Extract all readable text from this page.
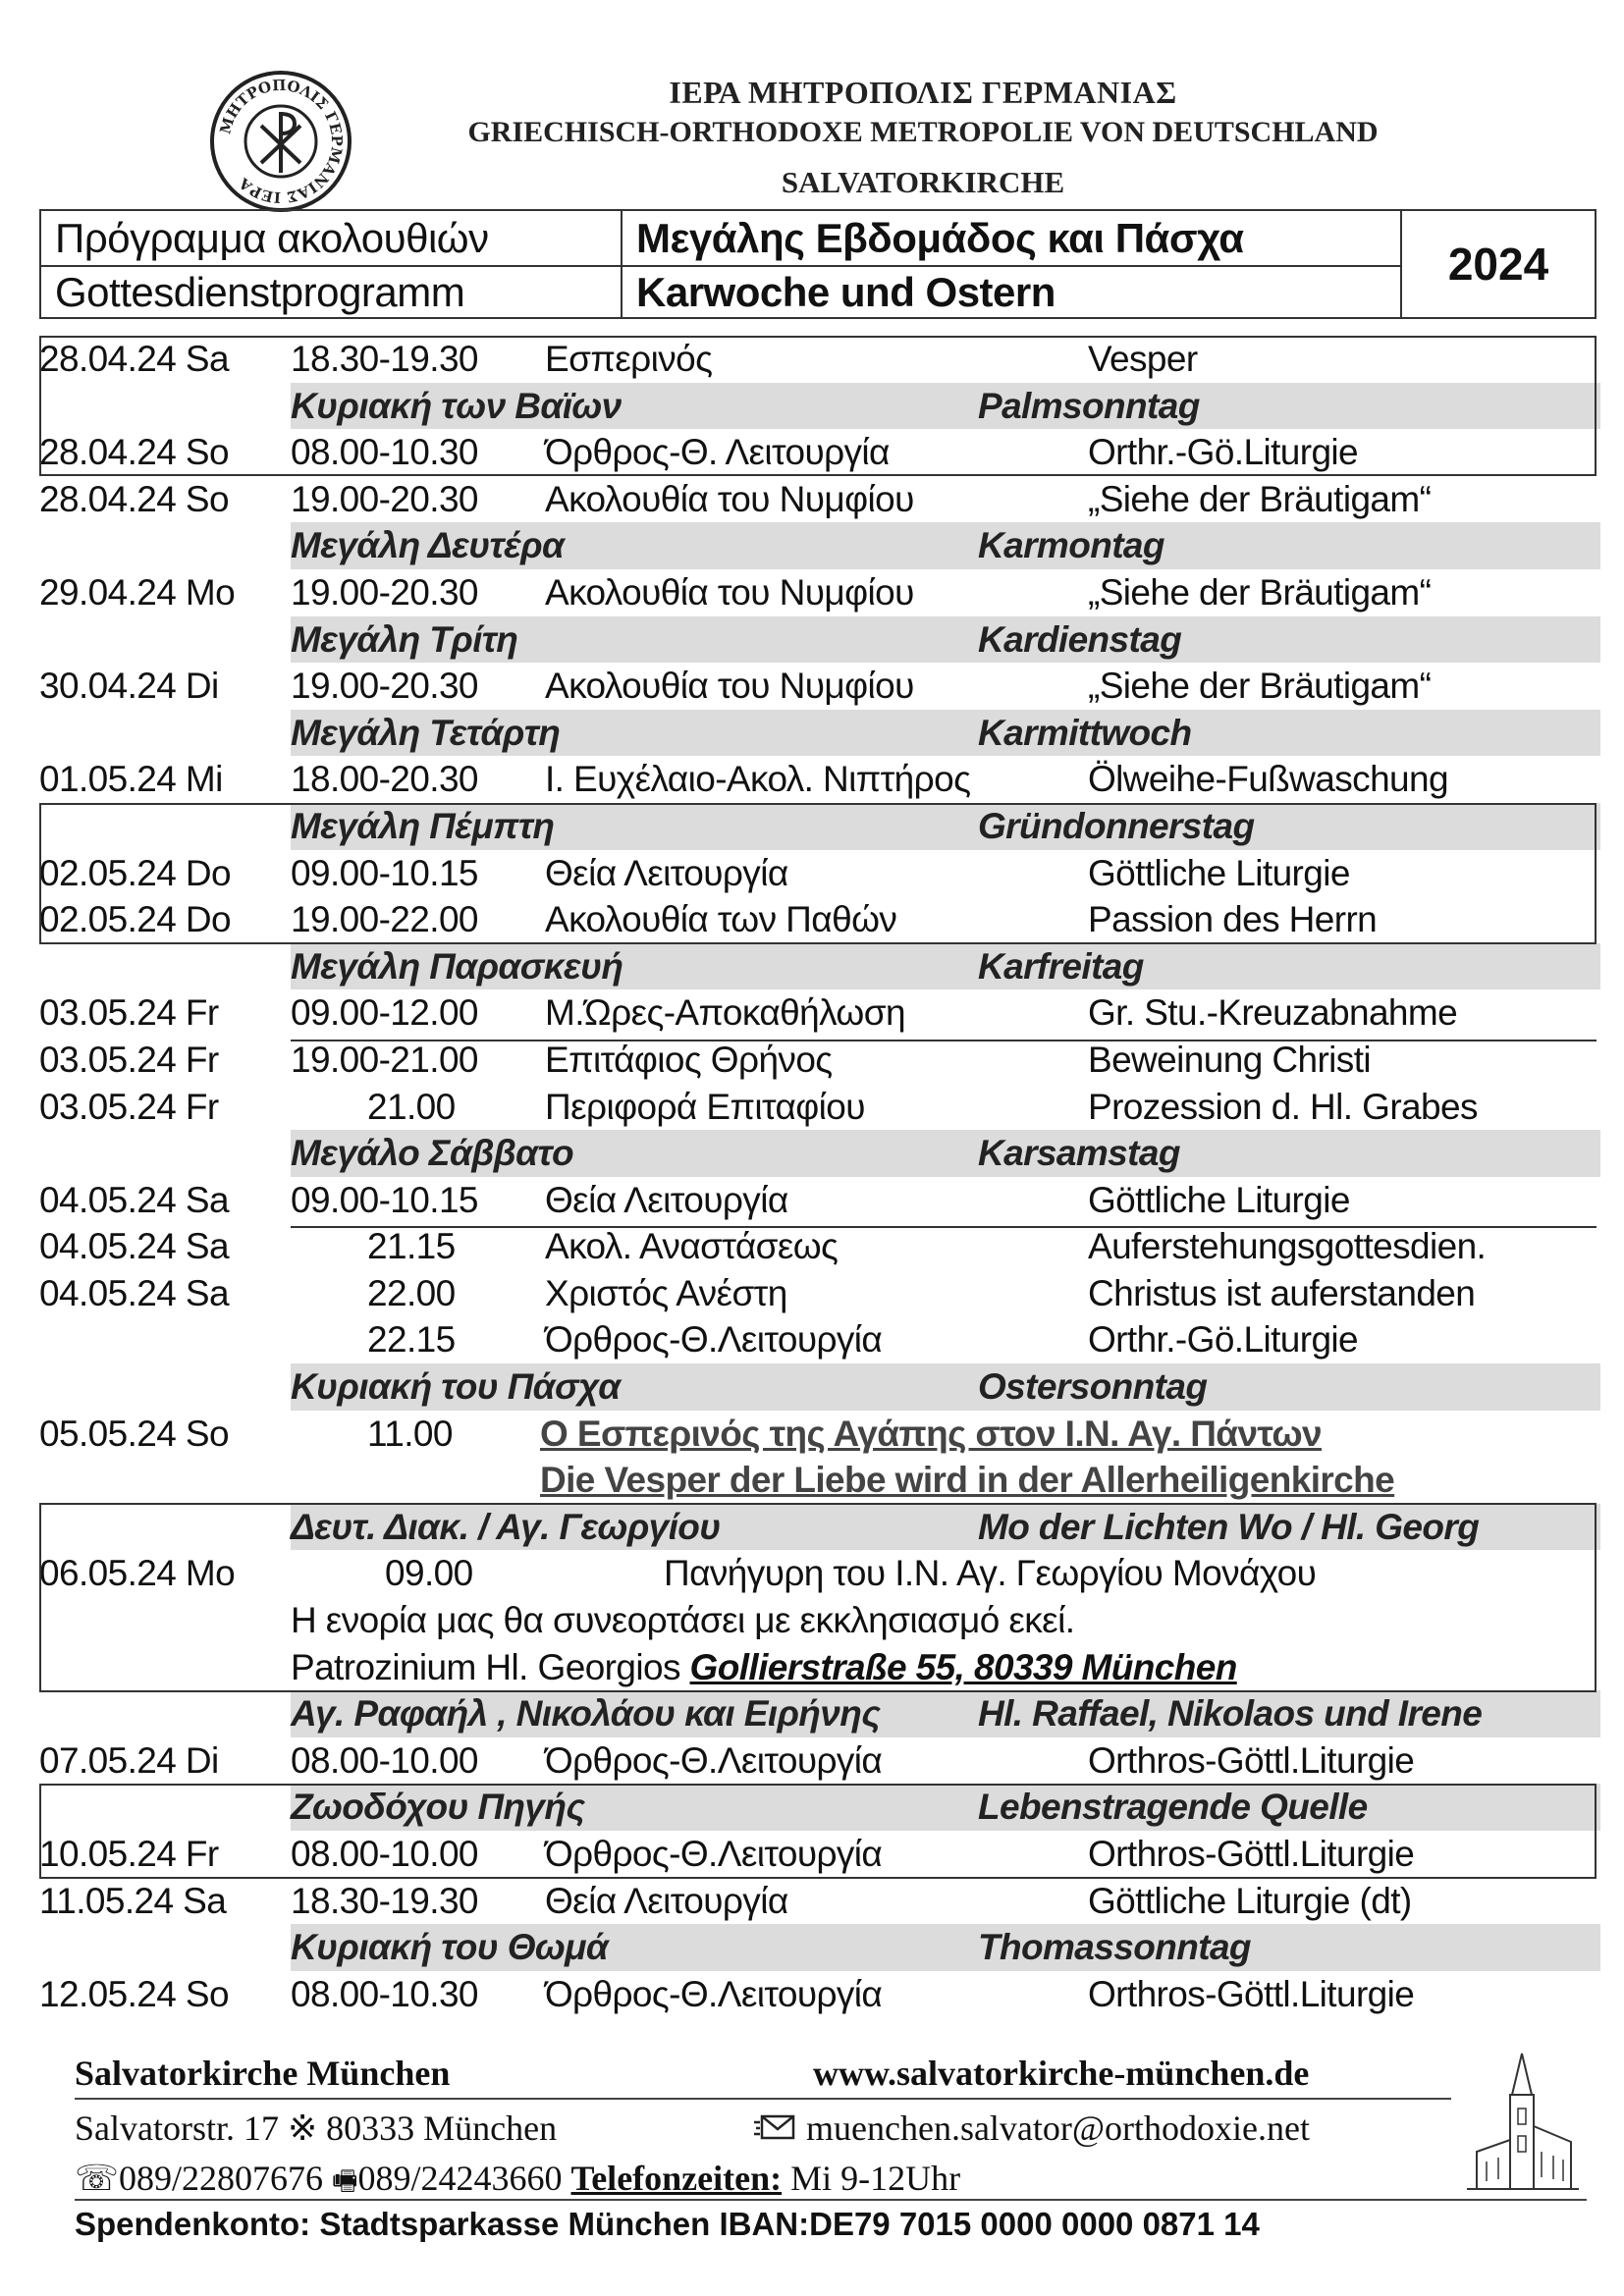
ΜΗΤΡΟΠΟΛΙΣ ΓΕΡΜΑΝΙΑΣ ΙΕΡΑ
ΙΕΡΑ ΜΗΤΡΟΠΟΛΙΣ ΓΕΡΜΑΝΙΑΣ
GRIECHISCH-ORTHODOXE METROPOLIE VON DEUTSCHLAND
SALVATORKIRCHE
Πρόγραμμα ακολουθιών
Gottesdienstprogramm
Μεγάλης Εβδομάδος και Πάσχα
Karwoche und Ostern
2024
28.04.24 Sa 18.30-19.30 Εσπερινός	Vesper
Κυριακή των Βαϊων	Palmsonntag
28.04.24 So 08.00-10.30 Όρθρος-Θ. Λειτουργία	Orthr.-Gö.Liturgie
28.04.24 So 19.00-20.30 Ακολουθία του Νυμφίου	„Siehe der Bräutigam“
Μεγάλη Δευτέρα	Karmontag
29.04.24 Mo 19.00-20.30 Ακολουθία του Νυμφίου	„Siehe der Bräutigam“
Μεγάλη Τρίτη	Kardienstag
30.04.24 Di 19.00-20.30 Ακολουθία του Νυμφίου	„Siehe der Bräutigam“
Μεγάλη Τετάρτη	Karmittwoch
01.05.24 Mi 18.00-20.30 Ι. Ευχέλαιο-Ακολ. Νιπτήρος	Ölweihe-Fußwaschung
Μεγάλη Πέμπτη	Gründonnerstag
02.05.24 Do 09.00-10.15 Θεία Λειτουργία	Göttliche Liturgie
02.05.24 Do 19.00-22.00 Ακολουθία των Παθών	Passion des Herrn
Μεγάλη Παρασκευή	Karfreitag
03.05.24 Fr 09.00-12.00 Μ.Ώρες-Αποκαθήλωση	Gr. Stu.-Kreuzabnahme
03.05.24 Fr 19.00-21.00 Επιτάφιος Θρήνος	Beweinung Christi
03.05.24 Fr	21.00 Περιφορά Επιταφίου	Prozession d. Hl. Grabes
Μεγάλο Σάββατο	Karsamstag
04.05.24 Sa 09.00-10.15 Θεία Λειτουργία	Göttliche Liturgie
04.05.24 Sa	21.15 Ακολ. Αναστάσεως	Auferstehungsgottesdien.
04.05.24 Sa	22.00 Χριστός Ανέστη	Christus ist auferstanden
22.15 Όρθρος-Θ.Λειτουργία	Orthr.-Gö.Liturgie
Κυριακή του Πάσχα	Ostersonntag
05.05.24 So	11.00 Ο Εσπερινός της Αγάπης στον Ι.Ν. Αγ. Πάντων
Die Vesper der Liebe wird in der Allerheiligenkirche
Δευτ. Διακ. / Αγ. Γεωργίου	Mo der Lichten Wo / Hl. Georg
06.05.24 Mo	09.00	Πανήγυρη του Ι.Ν. Αγ. Γεωργίου Μονάχου
Η ενορία μας θα συνεορτάσει με εκκλησιασμό εκεί.
Patrozinium Hl. Georgios Gollierstraße 55, 80339 München
Αγ. Ραφαήλ , Νικολάου και Ειρήνης	Hl. Raffael, Nikolaos und Irene
07.05.24 Di 08.00-10.00 Όρθρος-Θ.Λειτουργία	Orthros-Göttl.Liturgie
Ζωοδόχου Πηγής	Lebenstragende Quelle
10.05.24 Fr 08.00-10.00 Όρθρος-Θ.Λειτουργία	Orthros-Göttl.Liturgie
11.05.24 Sa 18.30-19.30 Θεία Λειτουργία	Göttliche Liturgie (dt)
Κυριακή του Θωμά	Thomassonntag
12.05.24 So 08.00-10.30 Όρθρος-Θ.Λειτουργία	Orthros-Göttl.Liturgie
Salvatorkirche München	www.salvatorkirche-münchen.de
Salvatorstr. 17 ※ 80333 München	muenchen.salvator@orthodoxie.net
☏089/22807676 🖷089/24243660 Telefonzeiten: Mi 9-12Uhr
Spendenkonto: Stadtsparkasse München IBAN:DE79 7015 0000 0000 0871 14
